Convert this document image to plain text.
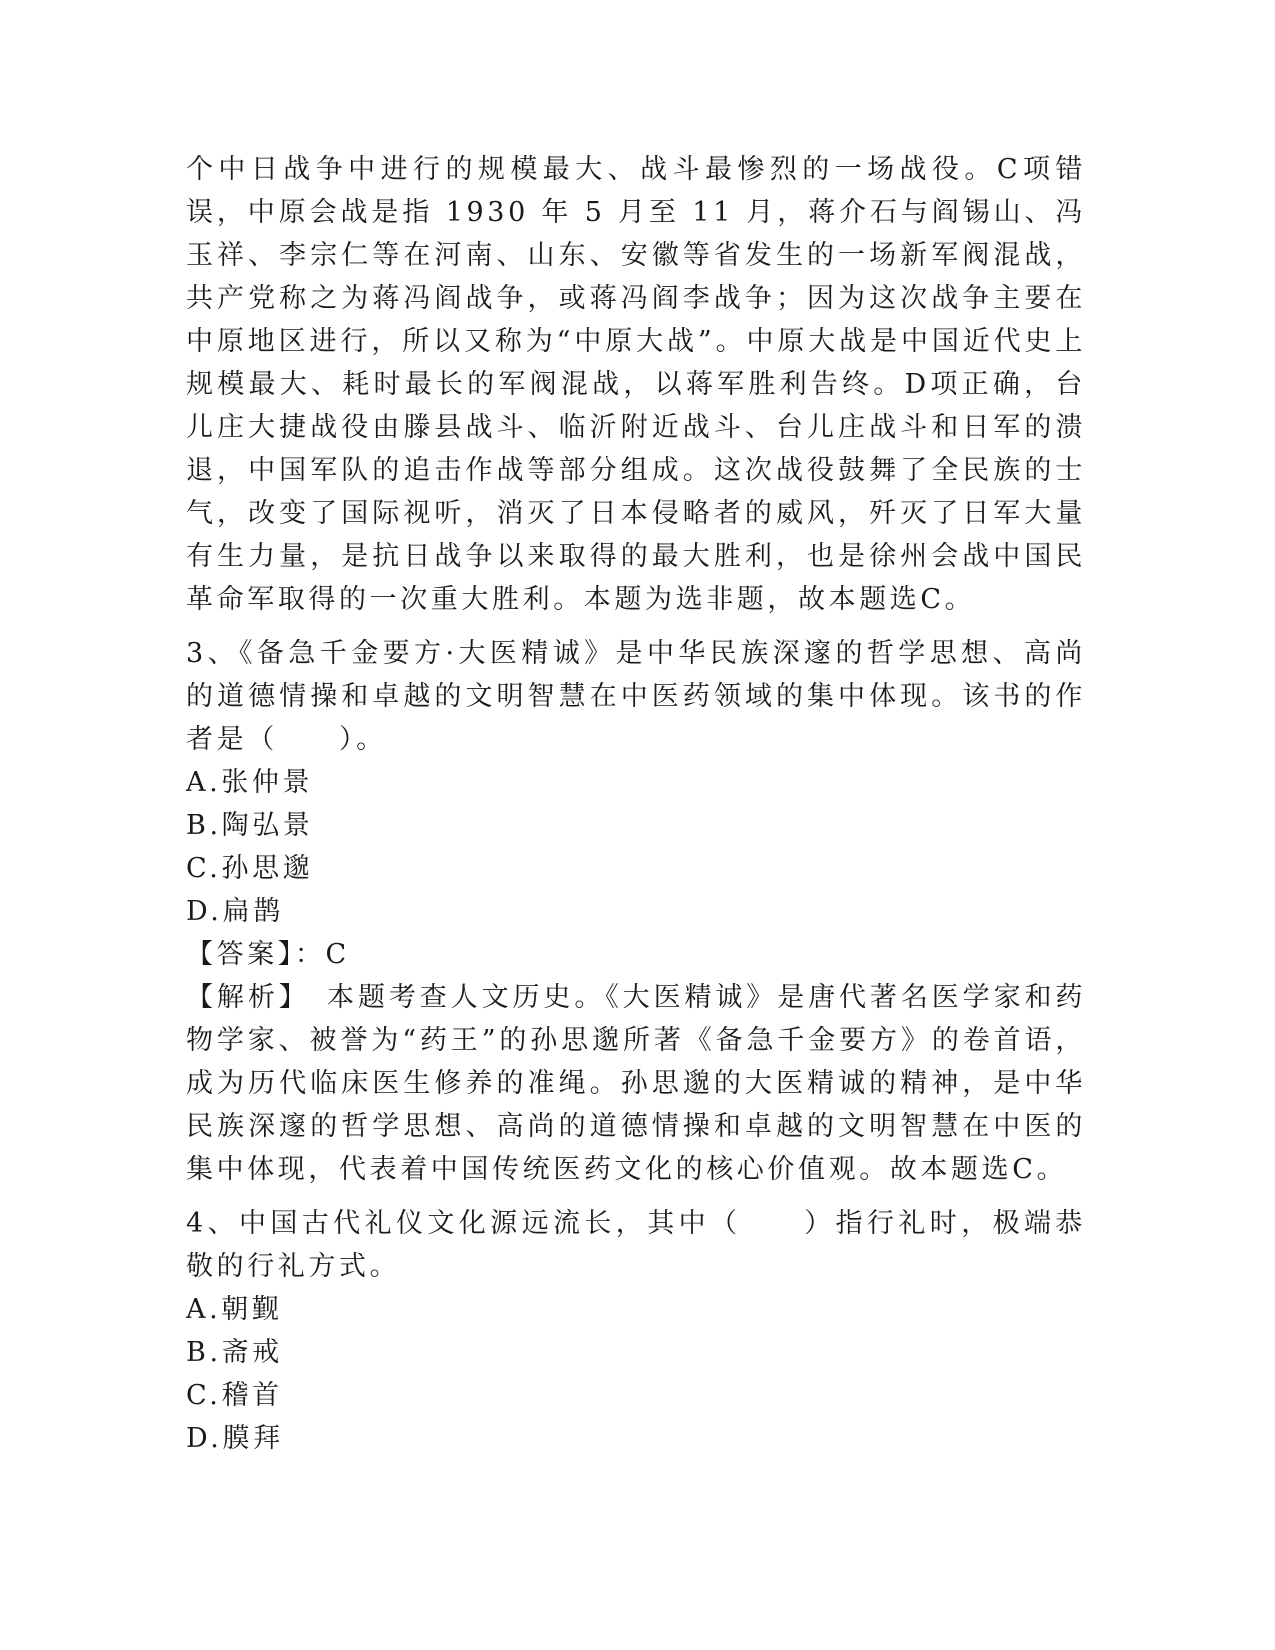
个中日战争中进行的规模最大、战斗最惨烈的一场战役。C项错误，中原会战是指 1930 年 5 月至 11 月，蒋介石与阎锡山、冯玉祥、李宗仁等在河南、山东、安徽等省发生的一场新军阀混战，共产党称之为蒋冯阎战争，或蒋冯阎李战争；因为这次战争主要在中原地区进行，所以又称为“中原大战”。中原大战是中国近代史上规模最大、耗时最长的军阀混战，以蒋军胜利告终。D项正确，台儿庄大捷战役由滕县战斗、临沂附近战斗、台儿庄战斗和日军的溃退，中国军队的追击作战等部分组成。这次战役鼓舞了全民族的士气，改变了国际视听，消灭了日本侵略者的威风，歼灭了日军大量有生力量，是抗日战争以来取得的最大胜利，也是徐州会战中国民革命军取得的一次重大胜利。本题为选非题，故本题选C。

3、《备急千金要方·大医精诚》是中华民族深邃的哲学思想、高尚的道德情操和卓越的文明智慧在中医药领域的集中体现。该书的作者是（　　）。

A.张仲景

B.陶弘景

C.孙思邈

D.扁鹊

【答案】：C

【解析】　本题考查人文历史。《大医精诚》是唐代著名医学家和药物学家、被誉为“药王”的孙思邈所著《备急千金要方》的卷首语，成为历代临床医生修养的准绳。孙思邈的大医精诚的精神，是中华民族深邃的哲学思想、高尚的道德情操和卓越的文明智慧在中医的集中体现，代表着中国传统医药文化的核心价值观。故本题选C。

4、中国古代礼仪文化源远流长，其中（　　）指行礼时，极端恭敬的行礼方式。

A.朝觐

B.斋戒

C.稽首

D.膜拜
